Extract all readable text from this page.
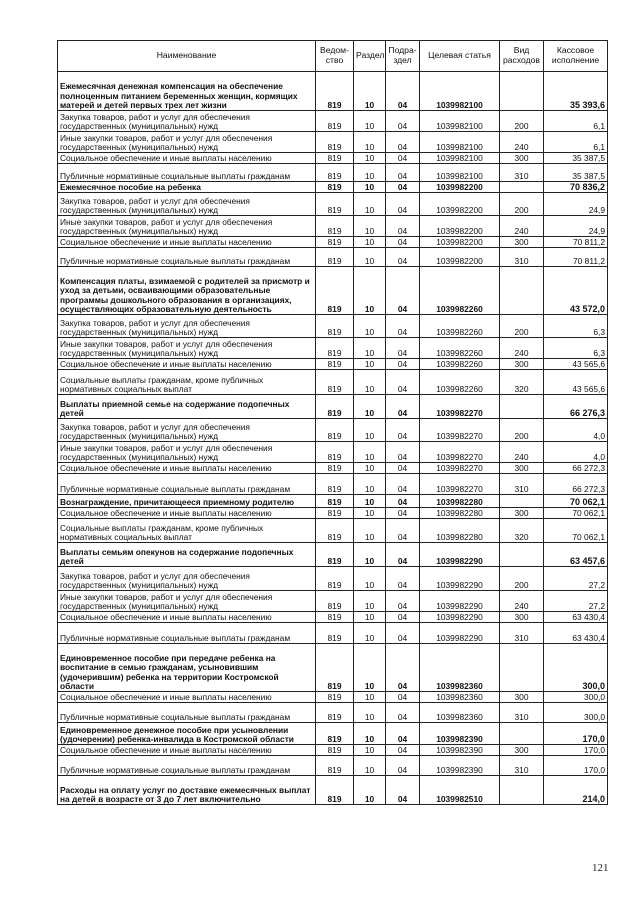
Наименование	Ведом-ство	Раздел	Подра-здел	Целевая статья	Вид расходов	Кассовое исполнение
Ежемесячная денежная компенсация на обеспечение полноценным питанием беременных женщин, кормящих матерей и детей первых трех лет жизни	819	10	04	1039982100		35 393,6
Закупка товаров, работ и услуг для обеспечения государственных (муниципальных) нужд	819	10	04	1039982100	200	6,1
Иные закупки товаров, работ и услуг для обеспечения государственных (муниципальных) нужд	819	10	04	1039982100	240	6,1
Социальное обеспечение и иные выплаты населению	819	10	04	1039982100	300	35 387,5
Публичные нормативные социальные выплаты гражданам	819	10	04	1039982100	310	35 387,5
Ежемесячное пособие на ребенка	819	10	04	1039982200		70 836,2
Закупка товаров, работ и услуг для обеспечения государственных (муниципальных) нужд	819	10	04	1039982200	200	24,9
Иные закупки товаров, работ и услуг для обеспечения государственных (муниципальных) нужд	819	10	04	1039982200	240	24,9
Социальное обеспечение и иные выплаты населению	819	10	04	1039982200	300	70 811,2
Публичные нормативные социальные выплаты гражданам	819	10	04	1039982200	310	70 811,2
Компенсация платы, взимаемой с родителей за присмотр и уход за детьми, осваивающими образовательные программы дошкольного образования в организациях, осуществляющих образовательную деятельность	819	10	04	1039982260		43 572,0
Закупка товаров, работ и услуг для обеспечения государственных (муниципальных) нужд	819	10	04	1039982260	200	6,3
Иные закупки товаров, работ и услуг для обеспечения государственных (муниципальных) нужд	819	10	04	1039982260	240	6,3
Социальное обеспечение и иные выплаты населению	819	10	04	1039982260	300	43 565,6
Социальные выплаты гражданам, кроме публичных нормативных социальных выплат	819	10	04	1039982260	320	43 565,6
Выплаты приемной семье на содержание подопечных детей	819	10	04	1039982270		66 276,3
Закупка товаров, работ и услуг для обеспечения государственных (муниципальных) нужд	819	10	04	1039982270	200	4,0
Иные закупки товаров, работ и услуг для обеспечения государственных (муниципальных) нужд	819	10	04	1039982270	240	4,0
Социальное обеспечение и иные выплаты населению	819	10	04	1039982270	300	66 272,3
Публичные нормативные социальные выплаты гражданам	819	10	04	1039982270	310	66 272,3
Вознаграждение, причитающееся приемному родителю	819	10	04	1039982280		70 062,1
Социальное обеспечение и иные выплаты населению	819	10	04	1039982280	300	70 062,1
Социальные выплаты гражданам, кроме публичных нормативных социальных выплат	819	10	04	1039982280	320	70 062,1
Выплаты семьям опекунов на содержание подопечных детей	819	10	04	1039982290		63 457,6
Закупка товаров, работ и услуг для обеспечения государственных (муниципальных) нужд	819	10	04	1039982290	200	27,2
Иные закупки товаров, работ и услуг для обеспечения государственных (муниципальных) нужд	819	10	04	1039982290	240	27,2
Социальное обеспечение и иные выплаты населению	819	10	04	1039982290	300	63 430,4
Публичные нормативные социальные выплаты гражданам	819	10	04	1039982290	310	63 430,4
Единовременное пособие при передаче ребенка на воспитание в семью гражданам, усыновившим (удочерившим) ребенка на территории Костромской области	819	10	04	1039982360		300,0
Социальное обеспечение и иные выплаты населению	819	10	04	1039982360	300	300,0
Публичные нормативные социальные выплаты гражданам	819	10	04	1039982360	310	300,0
Единовременное денежное пособие при усыновлении (удочерении) ребенка-инвалида в Костромской области	819	10	04	1039982390		170,0
Социальное обеспечение и иные выплаты населению	819	10	04	1039982390	300	170,0
Публичные нормативные социальные выплаты гражданам	819	10	04	1039982390	310	170,0
Расходы на оплату услуг по доставке ежемесячных выплат на детей в возрасте от 3 до 7 лет включительно	819	10	04	1039982510		214,0
121
